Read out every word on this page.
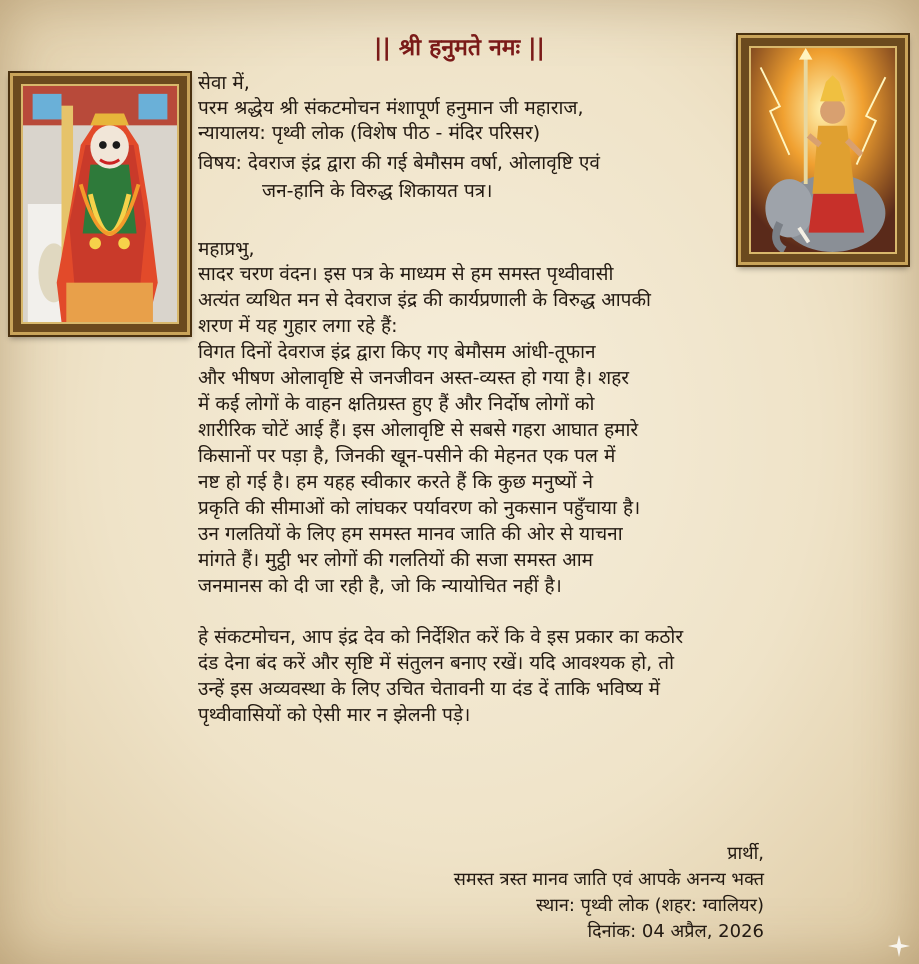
|| श्री हनुमते नमः ||
सेवा में,
परम श्रद्धेय श्री संकटमोचन मंशापूर्ण हनुमान जी महाराज,
न्यायालय: पृथ्वी लोक (विशेष पीठ - मंदिर परिसर)
विषय: देवराज इंद्र द्वारा की गई बेमौसम वर्षा, ओलावृष्टि एवं
जन-हानि के विरुद्ध शिकायत पत्र।
महाप्रभु,
सादर चरण वंदन। इस पत्र के माध्यम से हम समस्त पृथ्वीवासी
अत्यंत व्यथित मन से देवराज इंद्र की कार्यप्रणाली के विरुद्ध आपकी
शरण में यह गुहार लगा रहे हैं:
विगत दिनों देवराज इंद्र द्वारा किए गए बेमौसम आंधी-तूफान
और भीषण ओलावृष्टि से जनजीवन अस्त-व्यस्त हो गया है। शहर
में कई लोगों के वाहन क्षतिग्रस्त हुए हैं और निर्दोष लोगों को
शारीरिक चोटें आई हैं। इस ओलावृष्टि से सबसे गहरा आघात हमारे
किसानों पर पड़ा है, जिनकी खून-पसीने की मेहनत एक पल में
नष्ट हो गई है। हम यहह स्वीकार करते हैं कि कुछ मनुष्यों ने
प्रकृति की सीमाओं को लांघकर पर्यावरण को नुकसान पहुँचाया है।
उन गलतियों के लिए हम समस्त मानव जाति की ओर से याचना
मांगते हैं। मुट्ठी भर लोगों की गलतियों की सजा समस्त आम
जनमानस को दी जा रही है, जो कि न्यायोचित नहीं है।
हे संकटमोचन, आप इंद्र देव को निर्देशित करें कि वे इस प्रकार का कठोर
दंड देना बंद करें और सृष्टि में संतुलन बनाए रखें। यदि आवश्यक हो, तो
उन्हें इस अव्यवस्था के लिए उचित चेतावनी या दंड दें ताकि भविष्य में
पृथ्वीवासियों को ऐसी मार न झेलनी पड़े।
प्रार्थी,
समस्त त्रस्त मानव जाति एवं आपके अनन्य भक्त
स्थान: पृथ्वी लोक (शहर: ग्वालियर)
दिनांक: 04 अप्रैल, 2026
